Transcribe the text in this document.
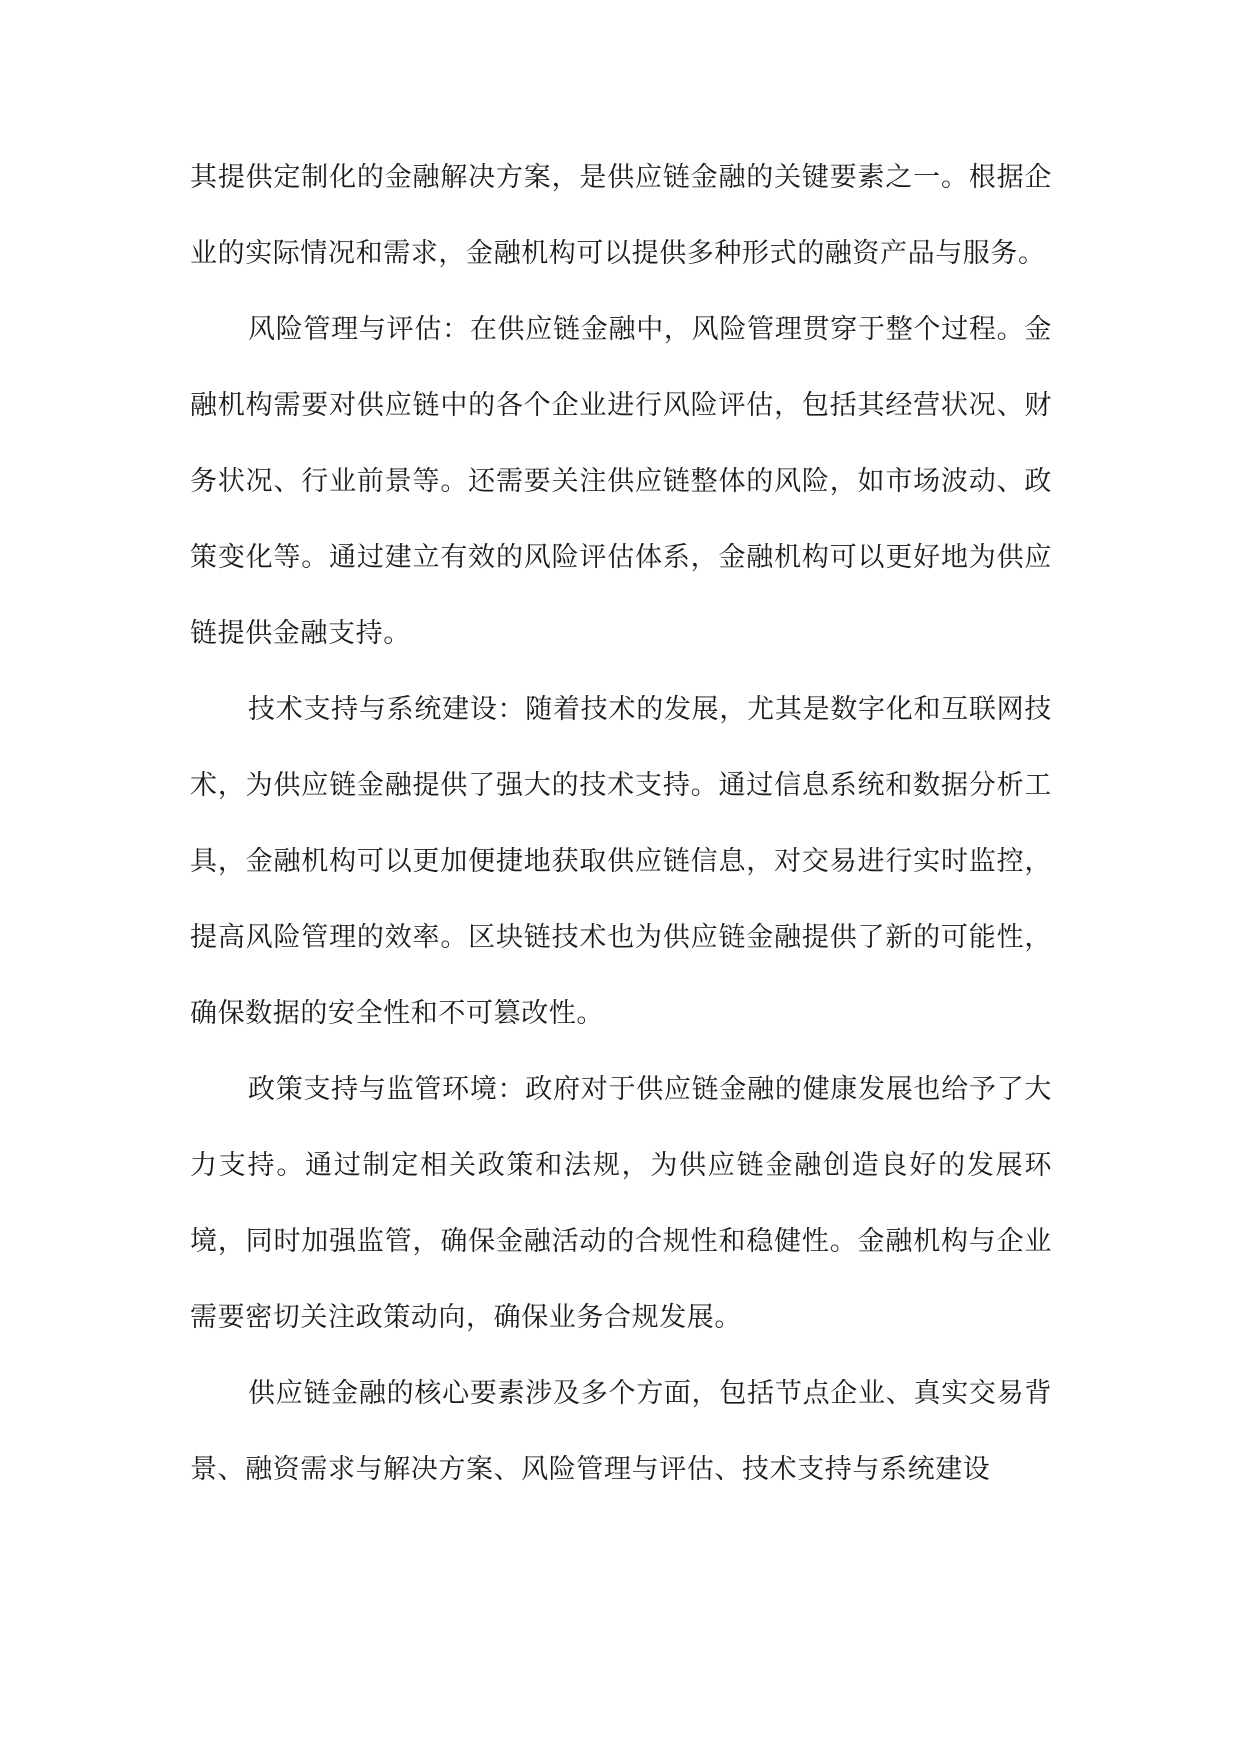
其提供定制化的金融解决方案，是供应链金融的关键要素之一。根据企业的实际情况和需求，金融机构可以提供多种形式的融资产品与服务。

风险管理与评估：在供应链金融中，风险管理贯穿于整个过程。金融机构需要对供应链中的各个企业进行风险评估，包括其经营状况、财务状况、行业前景等。还需要关注供应链整体的风险，如市场波动、政策变化等。通过建立有效的风险评估体系，金融机构可以更好地为供应链提供金融支持。

技术支持与系统建设：随着技术的发展，尤其是数字化和互联网技术，为供应链金融提供了强大的技术支持。通过信息系统和数据分析工具，金融机构可以更加便捷地获取供应链信息，对交易进行实时监控，提高风险管理的效率。区块链技术也为供应链金融提供了新的可能性，确保数据的安全性和不可篡改性。

政策支持与监管环境：政府对于供应链金融的健康发展也给予了大力支持。通过制定相关政策和法规，为供应链金融创造良好的发展环境，同时加强监管，确保金融活动的合规性和稳健性。金融机构与企业需要密切关注政策动向，确保业务合规发展。

供应链金融的核心要素涉及多个方面，包括节点企业、真实交易背景、融资需求与解决方案、风险管理与评估、技术支持与系统建设
